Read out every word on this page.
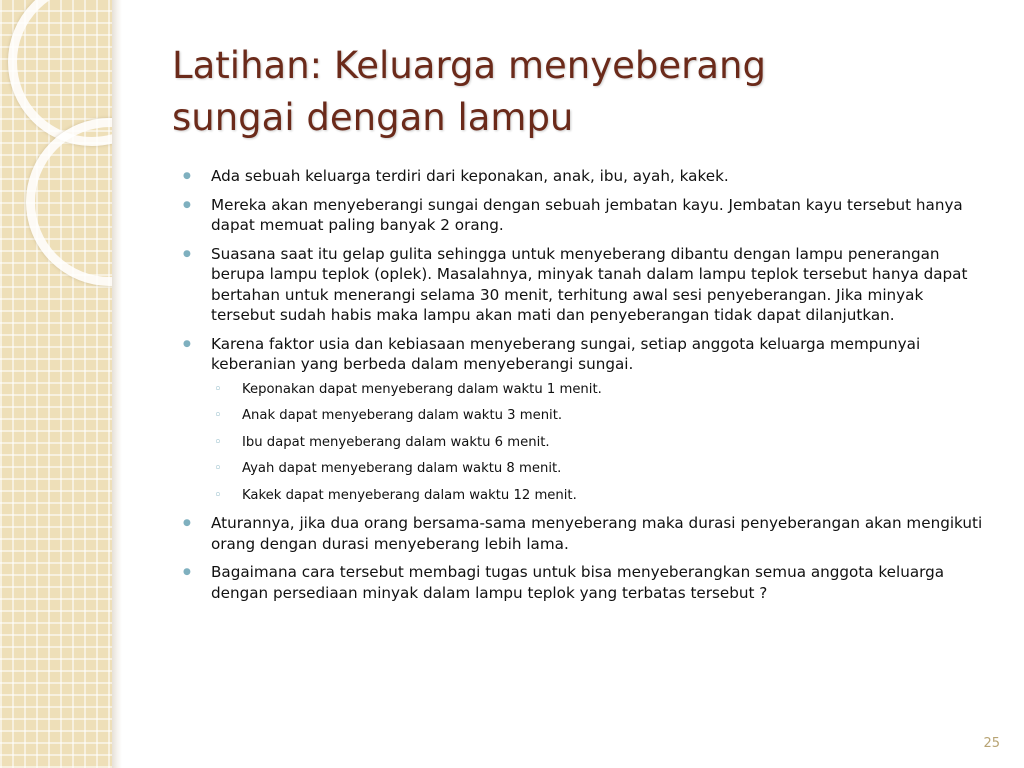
Latihan: Keluarga menyeberang
sungai dengan lampu
● Ada sebuah keluarga terdiri dari keponakan, anak, ibu, ayah, kakek.
● Mereka akan menyeberangi sungai dengan sebuah jembatan kayu. Jembatan kayu tersebut hanya dapat memuat paling banyak 2 orang.
● Suasana saat itu gelap gulita sehingga untuk menyeberang dibantu dengan lampu penerangan berupa lampu teplok (oplek). Masalahnya, minyak tanah dalam lampu teplok tersebut hanya dapat bertahan untuk menerangi selama 30 menit, terhitung awal sesi penyeberangan. Jika minyak tersebut sudah habis maka lampu akan mati dan penyeberangan tidak dapat dilanjutkan.
● Karena faktor usia dan kebiasaan menyeberang sungai, setiap anggota keluarga mempunyai keberanian yang berbeda dalam menyeberangi sungai.
◦ Keponakan dapat menyeberang dalam waktu 1 menit.
◦ Anak dapat menyeberang dalam waktu 3 menit.
◦ Ibu dapat menyeberang dalam waktu 6 menit.
◦ Ayah dapat menyeberang dalam waktu 8 menit.
◦ Kakek dapat menyeberang dalam waktu 12 menit.
● Aturannya, jika dua orang bersama-sama menyeberang maka durasi penyeberangan akan mengikuti orang dengan durasi menyeberang lebih lama.
● Bagaimana cara tersebut membagi tugas untuk bisa menyeberangkan semua anggota keluarga dengan persediaan minyak dalam lampu teplok yang terbatas tersebut ?
25
